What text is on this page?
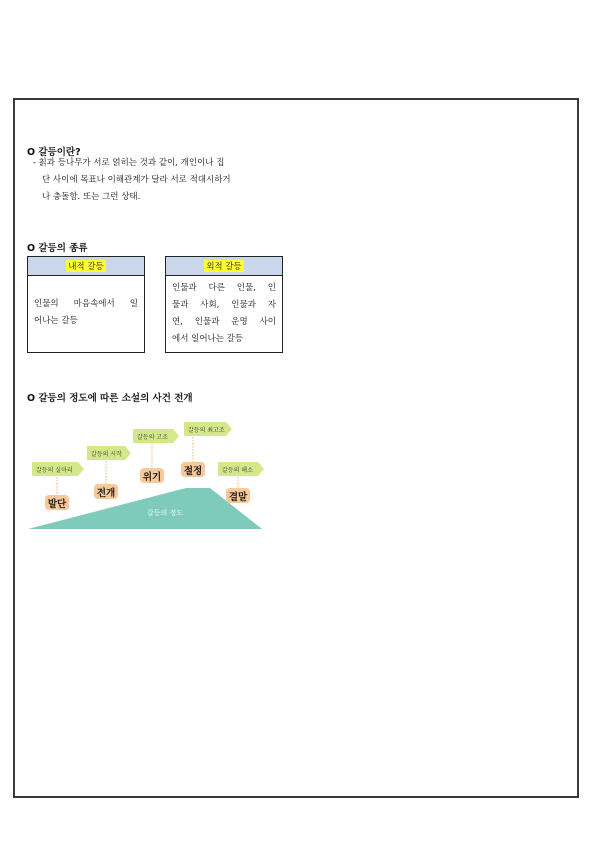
O 갈등이란?
- 칡과 등나무가 서로 얽히는 것과 같이, 개인이나 집
단 사이에 목표나 이해관계가 달라 서로 적대시하거
나 충돌함. 또는 그런 상태.
O 갈등의 종류
내적 갈등
인물의 마음속에서 일
어나는 갈등
외적 갈등
인물과 다른 인물, 인
물과 사회, 인물과 자
연, 인물과 운명 사이
에서 일어나는 갈등
O 갈등의 정도에 따른 소설의 사건 전개
갈등의 정도
갈등의 실마리
발단
갈등의 시작
전개
갈등의 고조
위기
갈등의 최고조
절정	갈등의 해소
결말
